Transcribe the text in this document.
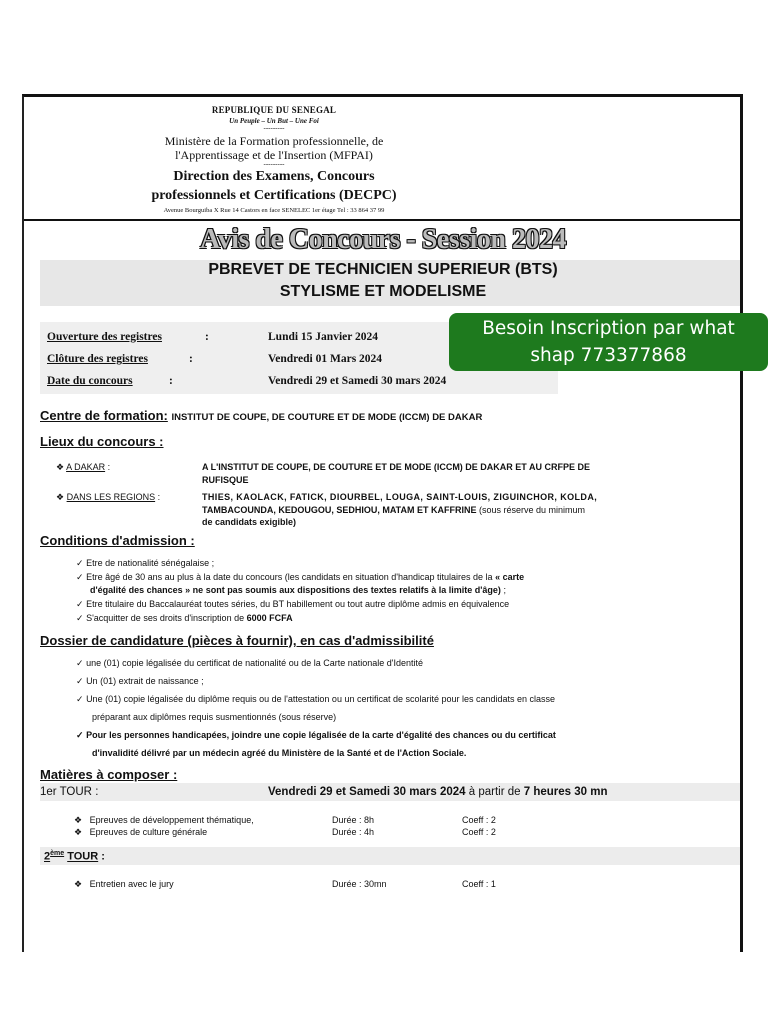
REPUBLIQUE DU SENEGAL
Un Peuple – Un But – Une Foi
---------
Ministère de la Formation professionnelle, de
l'Apprentissage et de l'Insertion (MFPAI)
---------
Direction des Examens, Concours
professionnels et Certifications (DECPC)
Avenue Bourguiba X Rue 14 Castors en face SENELEC 1er étage Tel : 33 864 37 99
Avis de Concours - Session 2024
PBREVET DE TECHNICIEN SUPERIEUR (BTS)
STYLISME ET MODELISME
Ouverture des registres	:	Lundi 15 Janvier 2024
Clôture des registres	:	Vendredi 01 Mars 2024
Date du concours	:	Vendredi 29 et Samedi 30 mars 2024
Centre de formation: INSTITUT DE COUPE, DE COUTURE ET DE MODE (ICCM) DE DAKAR
Lieux du concours :
❖ A DAKAR :	A L'INSTITUT DE COUPE, DE COUTURE ET DE MODE (ICCM) DE DAKAR ET AU CRFPE DE
RUFISQUE
❖ DANS LES REGIONS :	THIES, KAOLACK, FATICK, DIOURBEL, LOUGA, SAINT-LOUIS, ZIGUINCHOR, KOLDA,
TAMBACOUNDA, KEDOUGOU, SEDHIOU, MATAM ET KAFFRINE (sous réserve du minimum
de candidats exigible)
Conditions d'admission :
✓ Etre de nationalité sénégalaise ;
✓ Etre âgé de 30 ans au plus à la date du concours (les candidats en situation d'handicap titulaires de la « carte
d'égalité des chances » ne sont pas soumis aux dispositions des textes relatifs à la limite d'âge) ;
✓ Etre titulaire du Baccalauréat toutes séries, du BT habillement ou tout autre diplôme admis en équivalence
✓ S'acquitter de ses droits d'inscription de 6000 FCFA
Dossier de candidature (pièces à fournir), en cas d'admissibilité
✓ une (01) copie légalisée du certificat de nationalité ou de la Carte nationale d'Identité
✓ Un (01) extrait de naissance ;
✓ Une (01) copie légalisée du diplôme requis ou de l'attestation ou un certificat de scolarité pour les candidats en classe
préparant aux diplômes requis susmentionnés (sous réserve)
✓ Pour les personnes handicapées, joindre une copie légalisée de la carte d'égalité des chances ou du certificat
d'invalidité délivré par un médecin agréé du Ministère de la Santé et de l'Action Sociale.
Matières à composer :
1er TOUR :	Vendredi 29 et Samedi 30 mars 2024 à partir de 7 heures 30 mn
❖ Epreuves de développement thématique,	Durée : 8h	Coeff : 2
❖ Epreuves de culture générale	Durée : 4h	Coeff : 2
2ème TOUR :
❖ Entretien avec le jury	Durée : 30mn	Coeff : 1
Besoin Inscription par what
shap 773377868
